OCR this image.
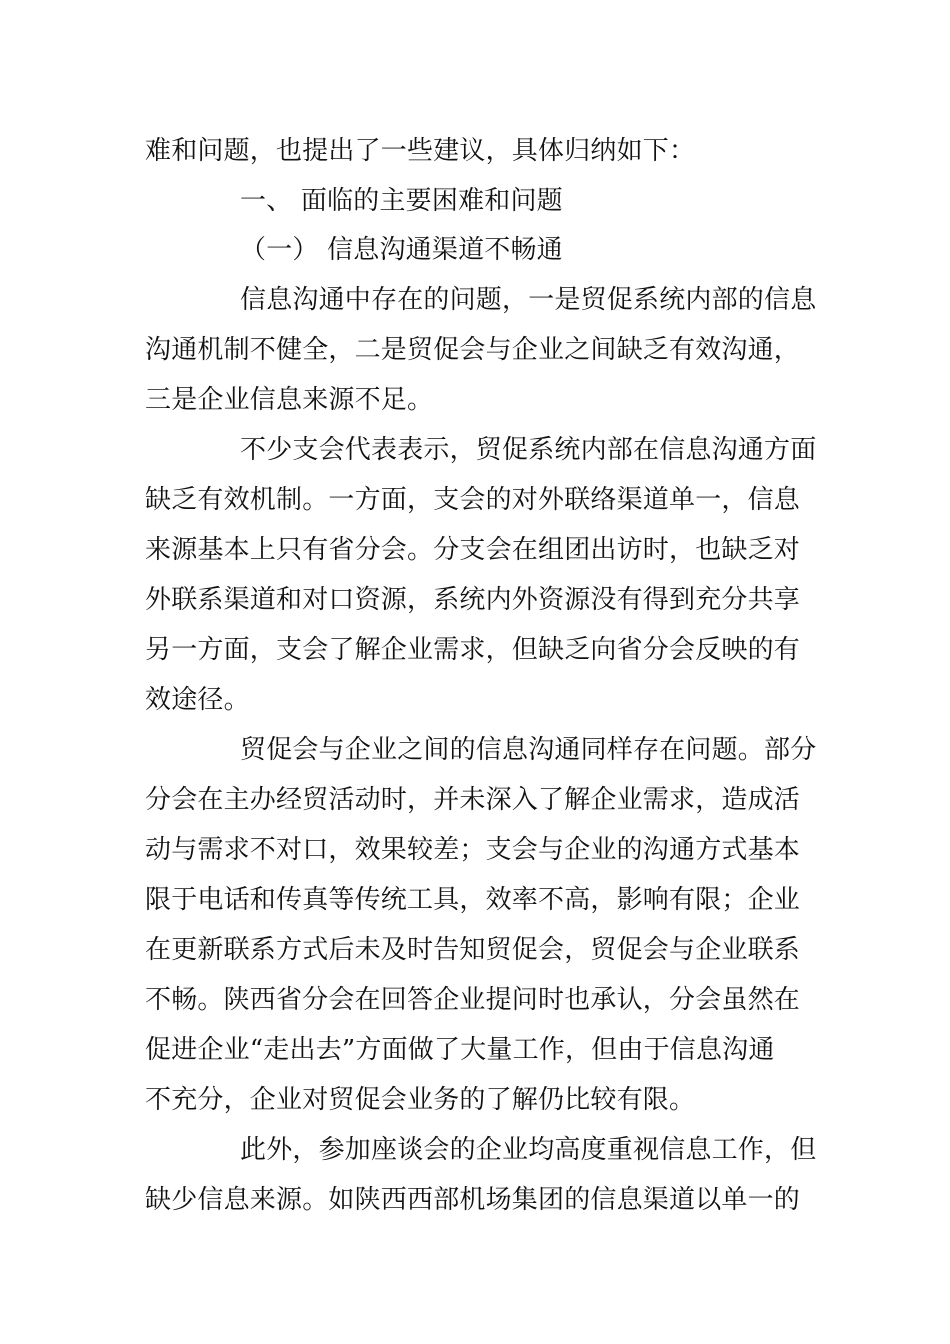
难和问题，也提出了一些建议，具体归纳如下：
一、 面临的主要困难和问题
（一） 信息沟通渠道不畅通
信息沟通中存在的问题，一是贸促系统内部的信息
沟通机制不健全，二是贸促会与企业之间缺乏有效沟通，
三是企业信息来源不足。
不少支会代表表示，贸促系统内部在信息沟通方面
缺乏有效机制。一方面，支会的对外联络渠道单一，信息
来源基本上只有省分会。分支会在组团出访时，也缺乏对
外联系渠道和对口资源，系统内外资源没有得到充分共享
另一方面，支会了解企业需求，但缺乏向省分会反映的有
效途径。
贸促会与企业之间的信息沟通同样存在问题。部分
分会在主办经贸活动时，并未深入了解企业需求，造成活
动与需求不对口，效果较差；支会与企业的沟通方式基本
限于电话和传真等传统工具，效率不高，影响有限；企业
在更新联系方式后未及时告知贸促会，贸促会与企业联系
不畅。陕西省分会在回答企业提问时也承认，分会虽然在
促进企业“走出去”方面做了大量工作，但由于信息沟通
不充分，企业对贸促会业务的了解仍比较有限。
此外，参加座谈会的企业均高度重视信息工作，但
缺少信息来源。如陕西西部机场集团的信息渠道以单一的
